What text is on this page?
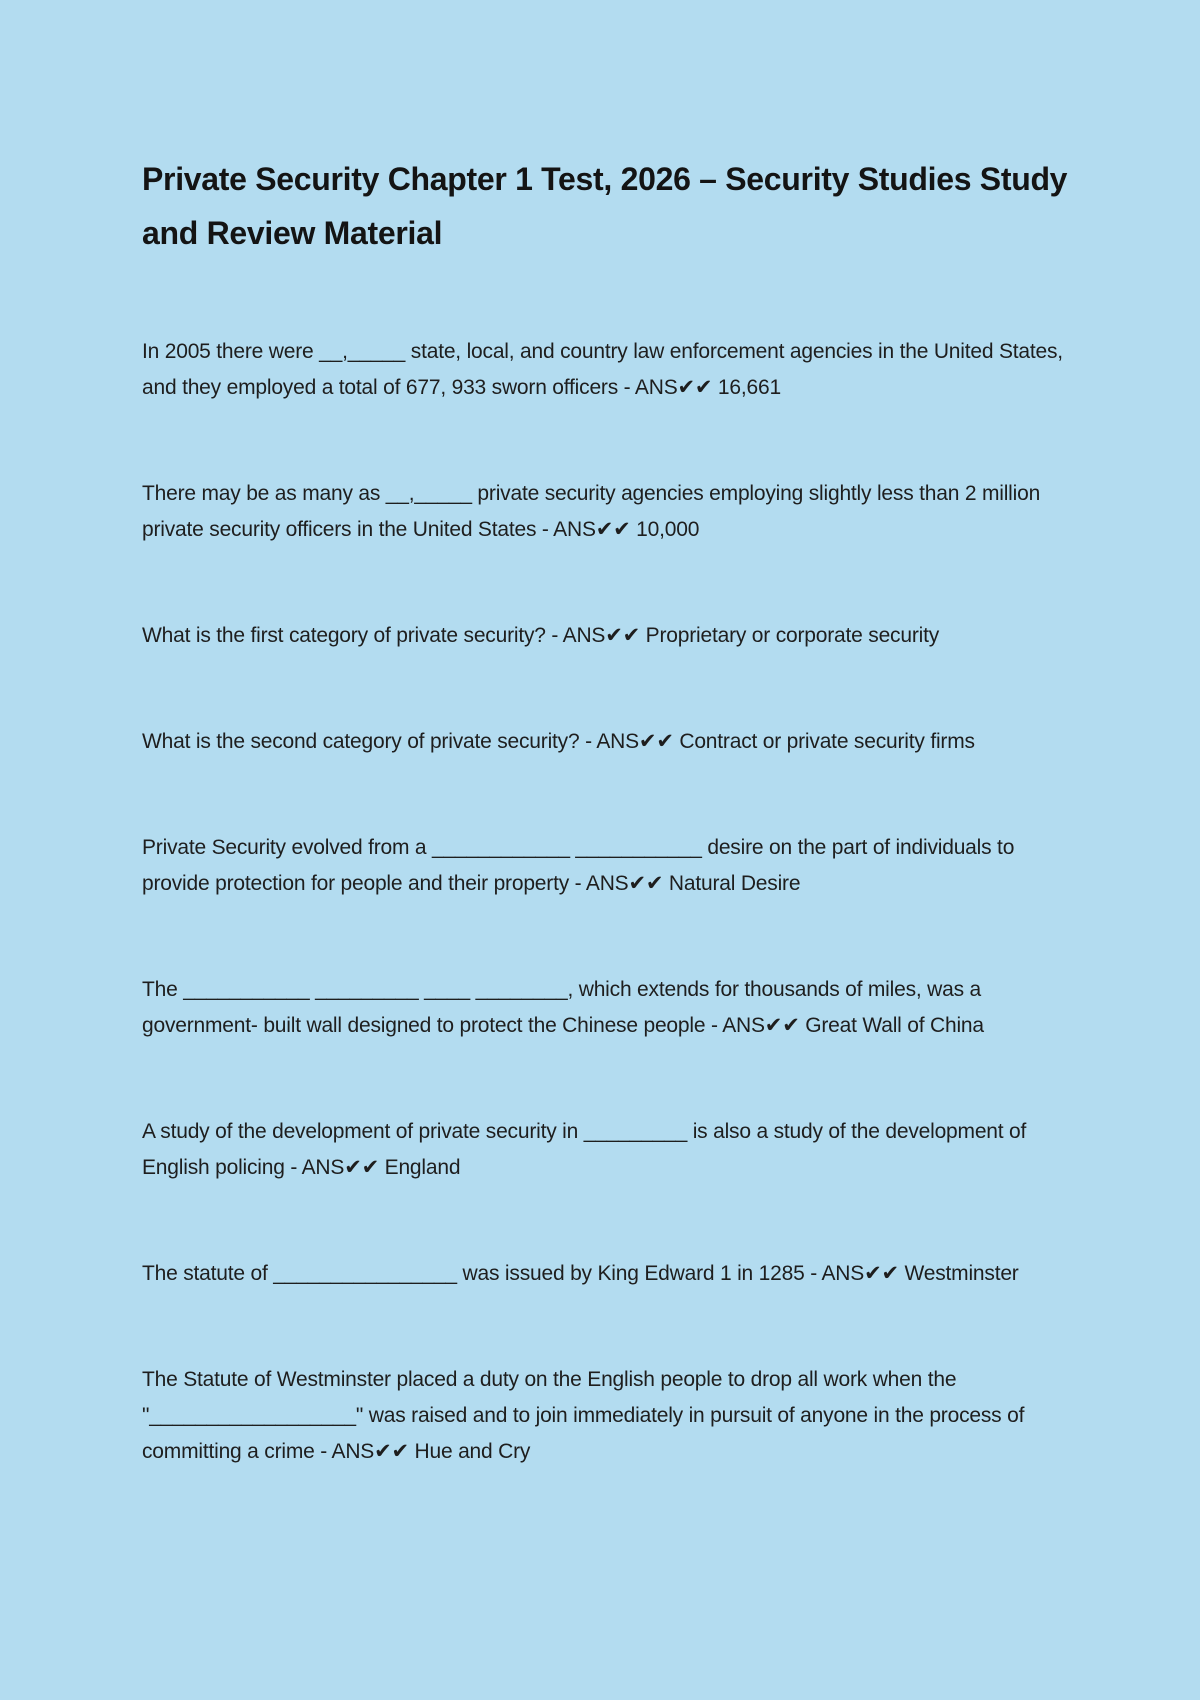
Private Security Chapter 1 Test, 2026 – Security Studies Study and Review Material

In 2005 there were __,_____ state, local, and country law enforcement agencies in the United States, and they employed a total of 677, 933 sworn officers - ANS✔✔ 16,661

There may be as many as __,_____ private security agencies employing slightly less than 2 million private security officers in the United States - ANS✔✔ 10,000

What is the first category of private security? - ANS✔✔ Proprietary or corporate security

What is the second category of private security? - ANS✔✔ Contract or private security firms

Private Security evolved from a ____________ ___________ desire on the part of individuals to provide protection for people and their property - ANS✔✔ Natural Desire

The ___________ _________ ____ ________, which extends for thousands of miles, was a government- built wall designed to protect the Chinese people - ANS✔✔ Great Wall of China

A study of the development of private security in _________ is also a study of the development of English policing - ANS✔✔ England

The statute of ________________ was issued by King Edward 1 in 1285 - ANS✔✔ Westminster

The Statute of Westminster placed a duty on the English people to drop all work when the "__________________" was raised and to join immediately in pursuit of anyone in the process of committing a crime - ANS✔✔ Hue and Cry
